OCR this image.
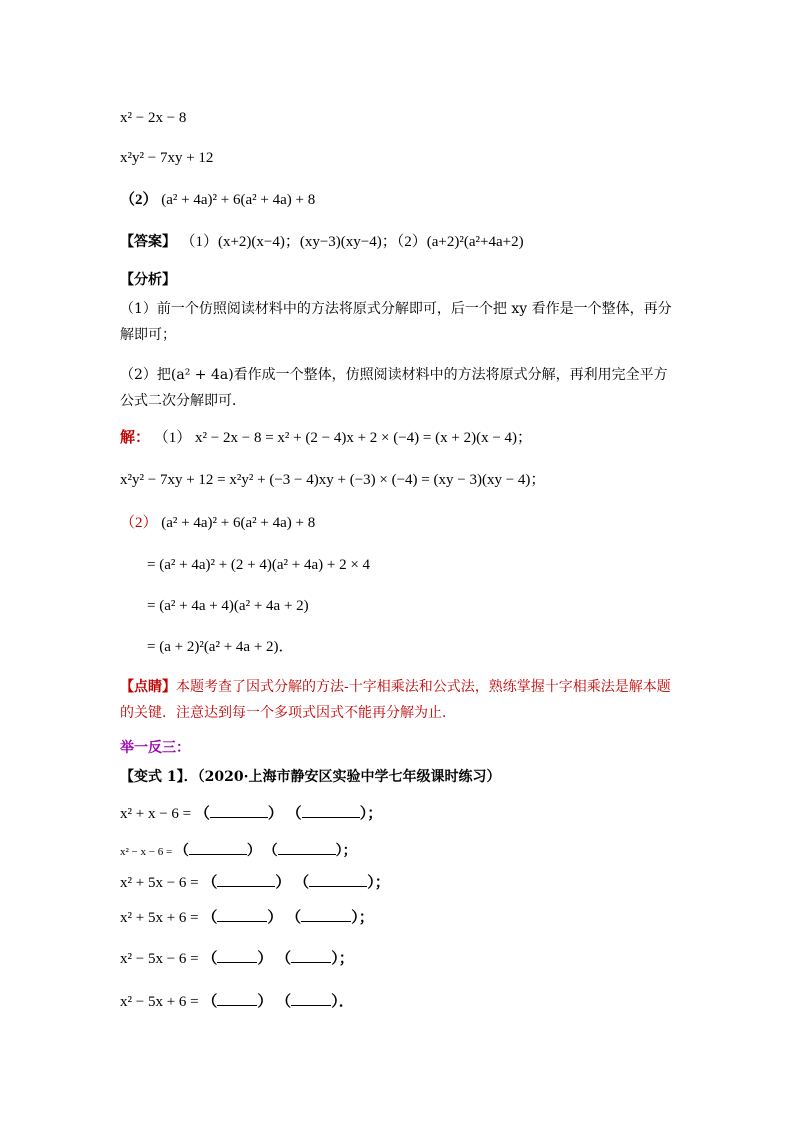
x² − 2x − 8
x²y² − 7xy + 12
（2） (a² + 4a)² + 6(a² + 4a) + 8
【答案】 （1）(x+2)(x−4)；(xy−3)(xy−4)；（2）(a+2)²(a²+4a+2)
【分析】
（1）前一个仿照阅读材料中的方法将原式分解即可，后一个把 xy 看作是一个整体，再分解即可；
（2）把(a² + 4a)看作成一个整体，仿照阅读材料中的方法将原式分解，再利用完全平方公式二次分解即可．
解： （1） x² − 2x − 8 = x² + (2 − 4)x + 2 × (−4) = (x + 2)(x − 4)；
x²y² − 7xy + 12 = x²y² + (−3 − 4)xy + (−3) × (−4) = (xy − 3)(xy − 4)；
（2） (a² + 4a)² + 6(a² + 4a) + 8
= (a² + 4a)² + (2 + 4)(a² + 4a) + 2 × 4
= (a² + 4a + 4)(a² + 4a + 2)
= (a + 2)²(a² + 4a + 2)．
【点睛】本题考查了因式分解的方法-十字相乘法和公式法，熟练掌握十字相乘法是解本题的关键．注意达到每一个多项式因式不能再分解为止．
举一反三：
【变式 1】．（2020·上海市静安区实验中学七年级课时练习）
x² + x − 6 = （	） （	）；
x² − x − 6 = （	） （	）；
x² + 5x − 6 = （	） （	）；
x² + 5x + 6 = （	） （	）；
x² − 5x − 6 = （	） （	）；
x² − 5x + 6 = （	） （	）．
